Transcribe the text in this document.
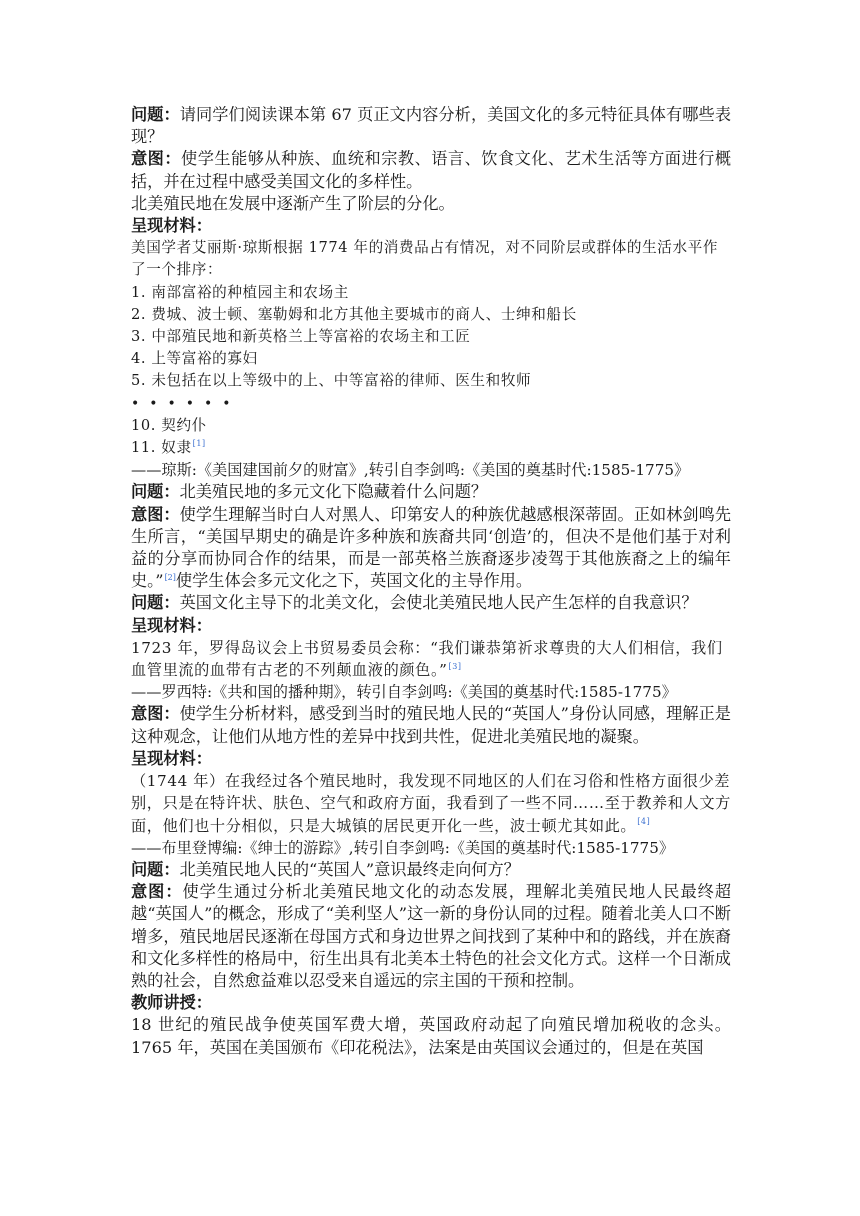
问题：请同学们阅读课本第 67 页正文内容分析，美国文化的多元特征具体有哪些表现？

意图：使学生能够从种族、血统和宗教、语言、饮食文化、艺术生活等方面进行概括，并在过程中感受美国文化的多样性。

北美殖民地在发展中逐渐产生了阶层的分化。

呈现材料：

美国学者艾丽斯·琼斯根据 1774 年的消费品占有情况，对不同阶层或群体的生活水平作了一个排序：

1. 南部富裕的种植园主和农场主

2. 费城、波士顿、塞勒姆和北方其他主要城市的商人、士绅和船长

3. 中部殖民地和新英格兰上等富裕的农场主和工匠

4. 上等富裕的寡妇

5. 未包括在以上等级中的上、中等富裕的律师、医生和牧师

••••••

10. 契约仆

11. 奴隶[1]

——琼斯:《美国建国前夕的财富》,转引自李剑鸣:《美国的奠基时代:1585-1775》

问题：北美殖民地的多元文化下隐藏着什么问题？

意图：使学生理解当时白人对黑人、印第安人的种族优越感根深蒂固。正如林剑鸣先生所言，“美国早期史的确是许多种族和族裔共同‘创造’的，但决不是他们基于对利益的分享而协同合作的结果，而是一部英格兰族裔逐步凌驾于其他族裔之上的编年史。”[2]使学生体会多元文化之下，英国文化的主导作用。

问题：英国文化主导下的北美文化，会使北美殖民地人民产生怎样的自我意识？

呈现材料：

1723 年，罗得岛议会上书贸易委员会称：“我们谦恭第祈求尊贵的大人们相信，我们血管里流的血带有古老的不列颠血液的颜色。”[3]

——罗西特:《共和国的播种期》，转引自李剑鸣:《美国的奠基时代:1585-1775》

意图：使学生分析材料，感受到当时的殖民地人民的“英国人”身份认同感，理解正是这种观念，让他们从地方性的差异中找到共性，促进北美殖民地的凝聚。

呈现材料：

（1744 年）在我经过各个殖民地时，我发现不同地区的人们在习俗和性格方面很少差别，只是在特许状、肤色、空气和政府方面，我看到了一些不同……至于教养和人文方面，他们也十分相似，只是大城镇的居民更开化一些，波士顿尤其如此。[4]

——布里登博编:《绅士的游踪》,转引自李剑鸣:《美国的奠基时代:1585-1775》

问题：北美殖民地人民的“英国人”意识最终走向何方？

意图：使学生通过分析北美殖民地文化的动态发展，理解北美殖民地人民最终超越“英国人”的概念，形成了“美利坚人”这一新的身份认同的过程。随着北美人口不断增多，殖民地居民逐渐在母国方式和身边世界之间找到了某种中和的路线，并在族裔和文化多样性的格局中，衍生出具有北美本土特色的社会文化方式。这样一个日渐成熟的社会，自然愈益难以忍受来自遥远的宗主国的干预和控制。

教师讲授：

18 世纪的殖民战争使英国军费大增，英国政府动起了向殖民增加税收的念头。1765 年，英国在美国颁布《印花税法》，法案是由英国议会通过的，但是在英国
